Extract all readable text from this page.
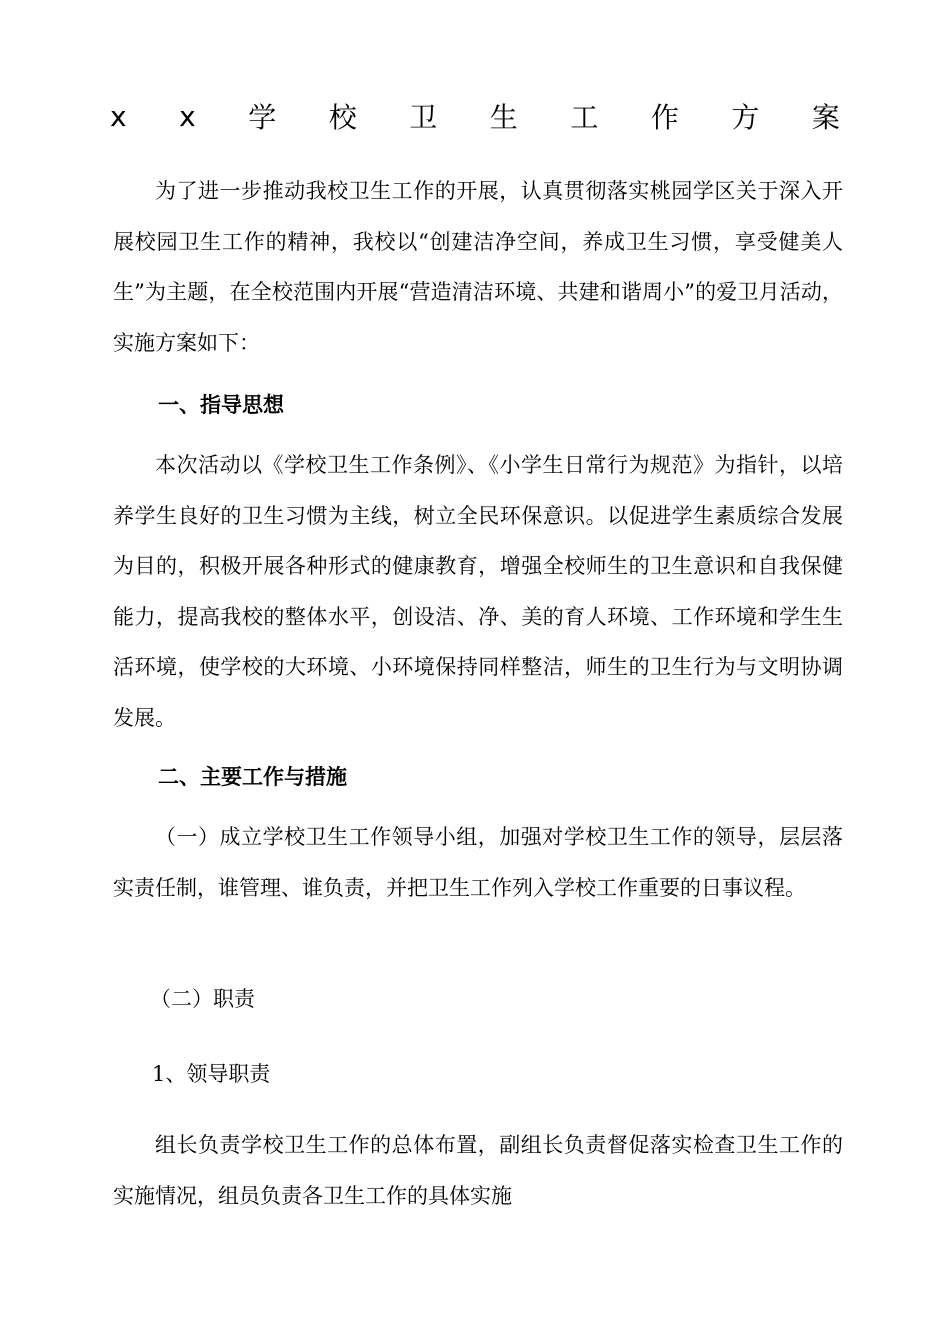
x x 学 校 卫 生 工 作 方 案

为了进一步推动我校卫生工作的开展，认真贯彻落实桃园学区关于深入开展校园卫生工作的精神，我校以“创建洁净空间，养成卫生习惯，享受健美人生”为主题，在全校范围内开展“营造清洁环境、共建和谐周小”的爱卫月活动，实施方案如下：

一、指导思想

本次活动以《学校卫生工作条例》、《小学生日常行为规范》为指针，以培养学生良好的卫生习惯为主线，树立全民环保意识。以促进学生素质综合发展为目的，积极开展各种形式的健康教育，增强全校师生的卫生意识和自我保健能力，提高我校的整体水平，创设洁、净、美的育人环境、工作环境和学生生活环境，使学校的大环境、小环境保持同样整洁，师生的卫生行为与文明协调发展。

二、主要工作与措施

（一）成立学校卫生工作领导小组，加强对学校卫生工作的领导，层层落实责任制，谁管理、谁负责，并把卫生工作列入学校工作重要的日事议程。

（二）职责

1、领导职责

组长负责学校卫生工作的总体布置，副组长负责督促落实检查卫生工作的实施情况，组员负责各卫生工作的具体实施
